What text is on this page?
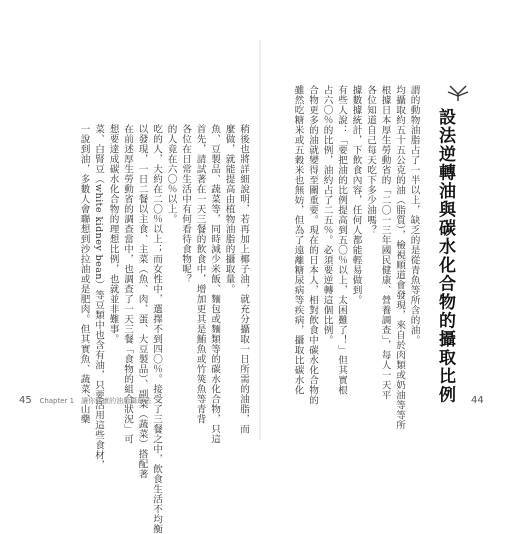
稍後也將詳細說明，若再加上椰子油，就充分攝取一日所需的油脂，而

麼做，就能提高由植物油脂的攝取量。

魚、豆製品、蔬菜等，同時減少米飯、麵包或麵類等的碳水化合物，只這

首先，請試著在一天三餐的飲食中，增加更其是鮪魚或竹筴魚等青背

各位在日常生活中有何看待食物呢？

的人竟在六〇％以上。

吃的人，大約在二〇％以上；而女性中，選擇不到四〇％。接受了三餐之中，飲食生活不均衡

以發現，一日二餐以主食、主菜（魚、肉、蛋、大豆製品）、副菜（蔬菜）搭配著

在前述厚生勞動省的調查當中，也調查了一天三餐「食物的組合狀況」可

想要達成碳水化合物的理想比例，也就並非難事。

菜、白腎豆（white kidney bean）等豆類中也含有油，只要活用這些食材，

一說到油，多數人會聯想到沙拉油或是肥肉。但其實魚、蔬菜、山藥

45 Chapter 1　讓你健康的油脂攝取法

謂的動物油脂占了一半以上，缺乏的是從青魚等所含的油。

均攝取約五十五公克的油（脂質），檢視順道會發現，來自於肉類或奶油等等所

根據日本厚生勞動省的「二〇一三年國民健康、營養調查」，每人一天平

各位知道自己每天吃下多少油嗎？

據數據統計，下飲食內容，任何人都能輕易做到。

有些人說：「要把油的比例提高到五〇％以上，太困難了！」但其實根

占六〇％的比例，油約占了二五％。必須要逆轉這個比例。

合物更多的油就變得至關重要。現在的日本人，相對飲食中碳水化合物的

雖然吃糖米或五穀米也無妨，但為了遠離糖尿病等疾病，攝取比碳水化	設法逆轉油與碳水化合物的攝取比例 44
